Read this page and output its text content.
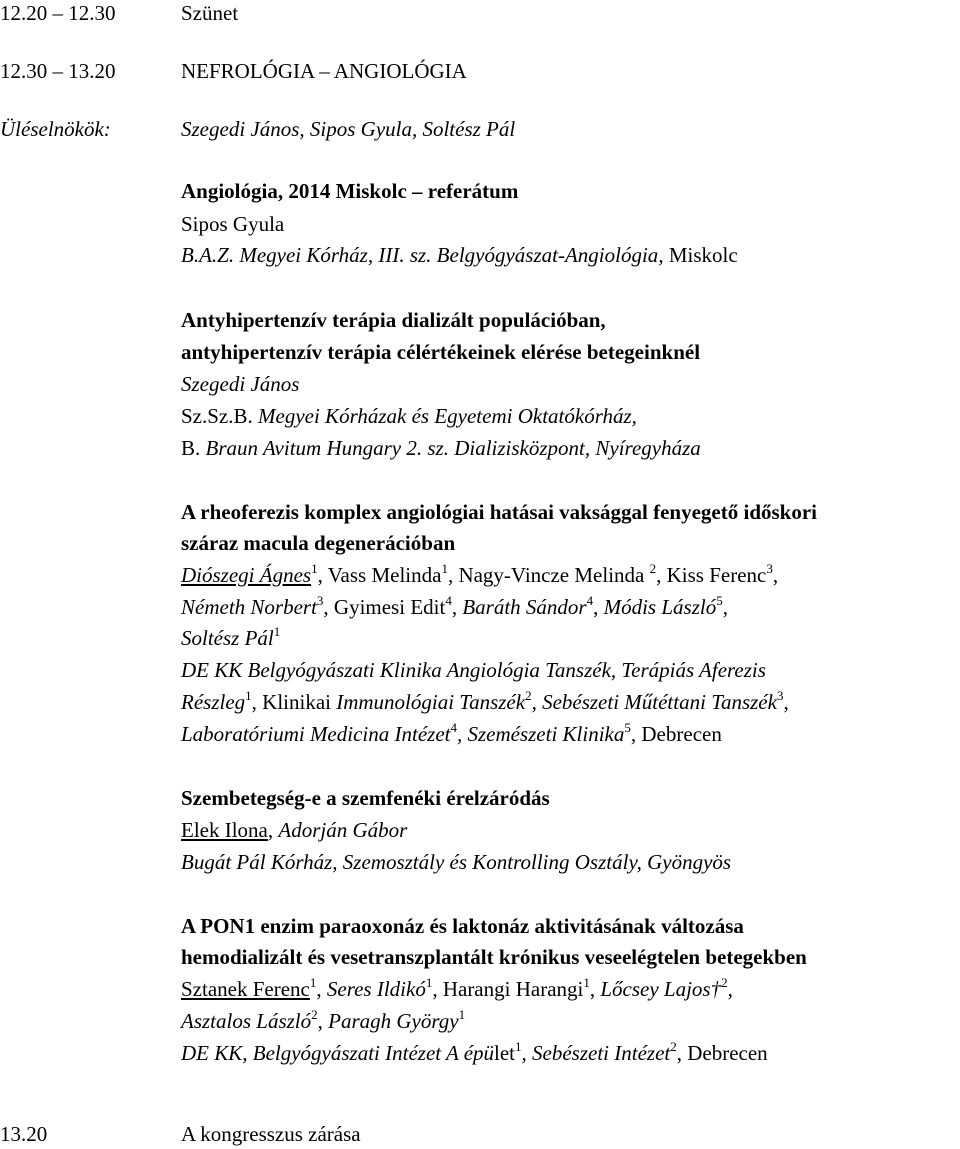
12.20 – 12.30	Szünet
12.30 – 13.20	NEFROLÓGIA – ANGIOLÓGIA
Üléselnökök:	Szegedi János, Sipos Gyula, Soltész Pál
Angiológia, 2014 Miskolc – referátum
Sipos Gyula
B.A.Z. Megyei Kórház, III. sz. Belgyógyászat-Angiológia, Miskolc
Antyhipertenzív terápia dializált populációban,
antyhipertenzív terápia célértékeinek elérése betegeinknél
Szegedi János
Sz.Sz.B. Megyei Kórházak és Egyetemi Oktatókórház,
B. Braun Avitum Hungary 2. sz. Dializisközpont, Nyíregyháza
A rheoferezis komplex angiológiai hatásai vaksággal fenyegető időskori
száraz macula degenerációban
Diószegi Ágnes$^1$, Vass Melinda$^1$, Nagy-Vincze Melinda $^2$, Kiss Ferenc$^3$,
Németh Norbert$^3$, Gyimesi Edit$^4$, Baráth Sándor$^4$, Módis László$^5$,
Soltész Pál$^1$
DE KK Belgyógyászati Klinika Angiológia Tanszék, Terápiás Aferezis
Részleg$^1$, Klinikai Immunológiai Tanszék$^2$, Sebészeti Műtéttani Tanszék$^3$,
Laboratóriumi Medicina Intézet$^4$, Szemészeti Klinika$^5$, Debrecen
Szembetegség-e a szemfenéki érelzáródás
Elek Ilona, Adorján Gábor
Bugát Pál Kórház, Szemosztály és Kontrolling Osztály, Gyöngyös
A PON1 enzim paraoxonáz és laktonáz aktivitásának változása
hemodializált és vesetranszplantált krónikus veseelégtelen betegekben
Sztanek Ferenc$^1$, Seres Ildikó$^1$, Harangi Harangi$^1$, Lőcsey Lajos†$^2$,
Asztalos László$^2$, Paragh György$^1$
DE KK, Belgyógyászati Intézet A épület$^1$, Sebészeti Intézet$^2$, Debrecen
13.20	A kongresszus zárása
